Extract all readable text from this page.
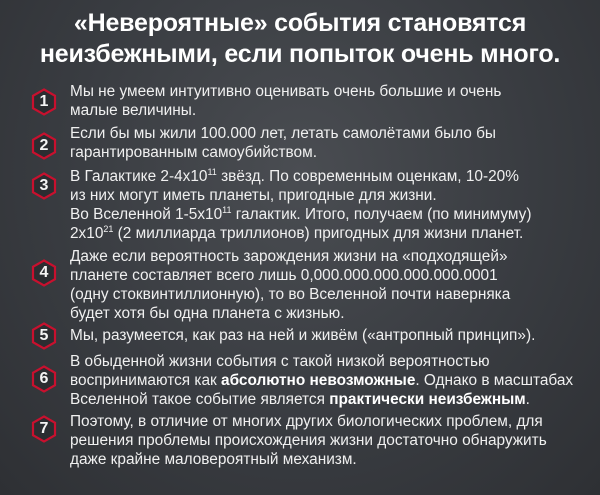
«Невероятные» события становятся
неизбежными, если попыток очень много.
1
Мы не умеем интуитивно оценивать очень большие и очень
малые величины.
2
Если бы мы жили 100.000 лет, летать самолётами было бы
гарантированным самоубийством.
3
В Галактике $2-4x10^{11}$ звёзд. По современным оценкам, 10-20%
из них могут иметь планеты, пригодные для жизни.
Во Вселенной $1-5x10^{11}$ галактик. Итого, получаем (по минимуму)
$2x10^{21}$ (2 миллиарда триллионов) пригодных для жизни планет.
4
Даже если вероятность зарождения жизни на «подходящей»
планете составляет всего лишь 0,000.000.000.000.000.0001
(одну стоквинтиллионную), то во Вселенной почти наверняка
будет хотя бы одна планета с жизнью.
5	Мы, разумеется, как раз на ней и живём («антропный принцип»).
6
В обыденной жизни события с такой низкой вероятностью
воспринимаются как абсолютно невозможные. Однако в масштабах
Вселенной такое событие является практически неизбежным.
7	Поэтому, в отличие от многих других биологических проблем, для
решения проблемы происхождения жизни достаточно обнаружить
даже крайне маловероятный механизм.
